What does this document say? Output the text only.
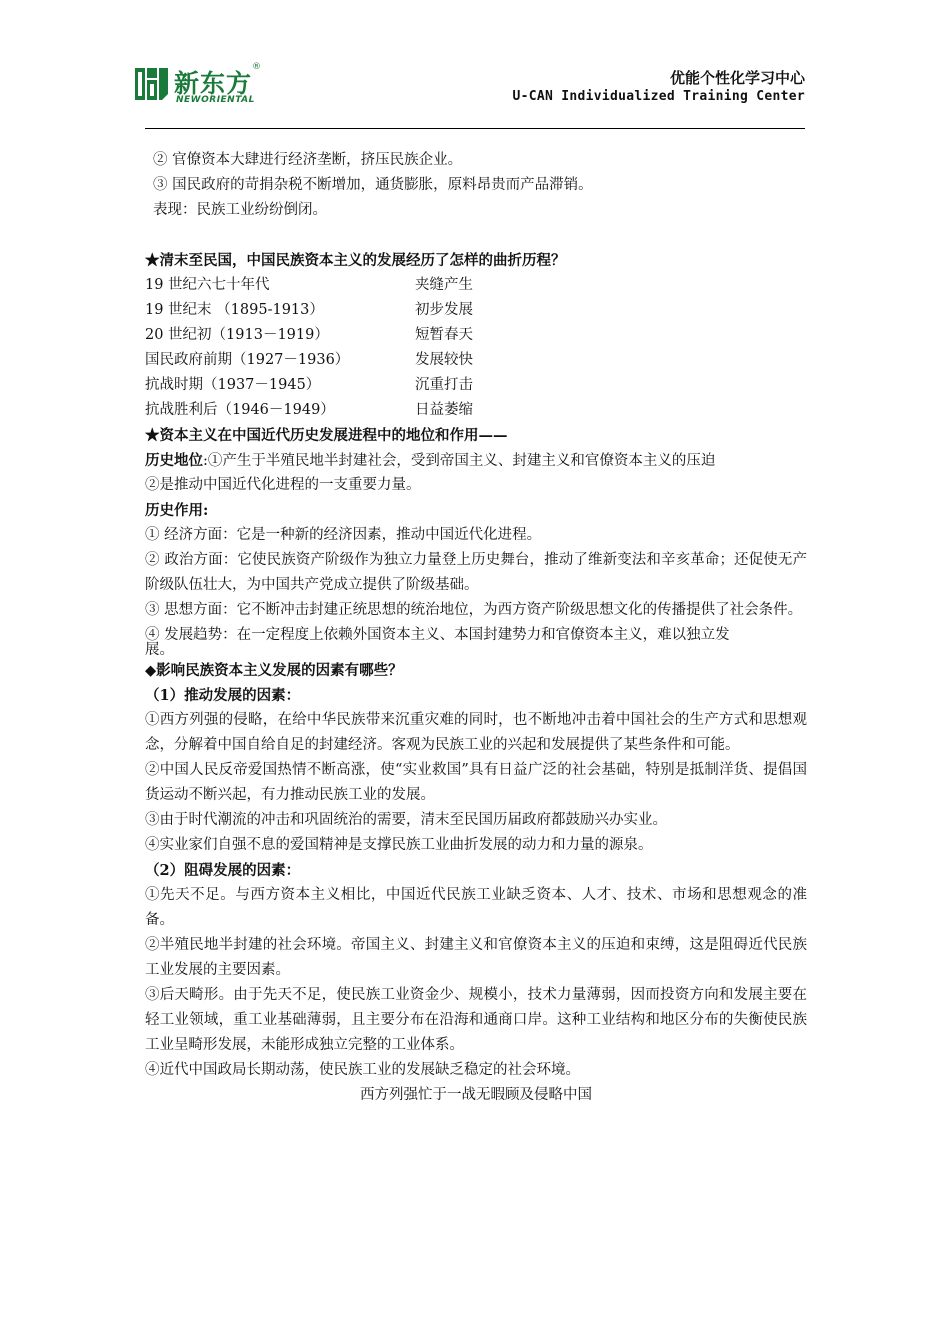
新东方
®
NEWORIENTAL
优能个性化学习中心
U-CAN Individualized Training Center
② 官僚资本大肆进行经济垄断，挤压民族企业。
③ 国民政府的苛捐杂税不断增加，通货膨胀，原料昂贵而产品滞销。
表现：民族工业纷纷倒闭。
★清末至民国，中国民族资本主义的发展经历了怎样的曲折历程？
19 世纪六七十年代	夹缝产生
19 世纪末 （1895-1913）	初步发展
20 世纪初（1913－1919）	短暂春天
国民政府前期（1927－1936）	发展较快
抗战时期（1937－1945）	沉重打击
抗战胜利后（1946－1949）	日益萎缩
★资本主义在中国近代历史发展进程中的地位和作用——
历史地位:①产生于半殖民地半封建社会，受到帝国主义、封建主义和官僚资本主义的压迫
②是推动中国近代化进程的一支重要力量。
历史作用:
① 经济方面：它是一种新的经济因素，推动中国近代化进程。
② 政治方面：它使民族资产阶级作为独立力量登上历史舞台，推动了维新变法和辛亥革命；还促使无产阶级队伍壮大，为中国共产党成立提供了阶级基础。
③ 思想方面：它不断冲击封建正统思想的统治地位，为西方资产阶级思想文化的传播提供了社会条件。
④ 发展趋势：在一定程度上依赖外国资本主义、本国封建势力和官僚资本主义，难以独立发
展。
◆影响民族资本主义发展的因素有哪些？
（1）推动发展的因素：
①西方列强的侵略，在给中华民族带来沉重灾难的同时，也不断地冲击着中国社会的生产方式和思想观念，分解着中国自给自足的封建经济。客观为民族工业的兴起和发展提供了某些条件和可能。
②中国人民反帝爱国热情不断高涨，使“实业救国”具有日益广泛的社会基础，特别是抵制洋货、提倡国货运动不断兴起，有力推动民族工业的发展。
③由于时代潮流的冲击和巩固统治的需要，清末至民国历届政府都鼓励兴办实业。
④实业家们自强不息的爱国精神是支撑民族工业曲折发展的动力和力量的源泉。
（2）阻碍发展的因素：
①先天不足。与西方资本主义相比，中国近代民族工业缺乏资本、人才、技术、市场和思想观念的准备。
②半殖民地半封建的社会环境。帝国主义、封建主义和官僚资本主义的压迫和束缚，这是阻碍近代民族工业发展的主要因素。
③后天畸形。由于先天不足，使民族工业资金少、规模小，技术力量薄弱，因而投资方向和发展主要在轻工业领域，重工业基础薄弱，且主要分布在沿海和通商口岸。这种工业结构和地区分布的失衡使民族工业呈畸形发展，未能形成独立完整的工业体系。
④近代中国政局长期动荡，使民族工业的发展缺乏稳定的社会环境。
西方列强忙于一战无暇顾及侵略中国
